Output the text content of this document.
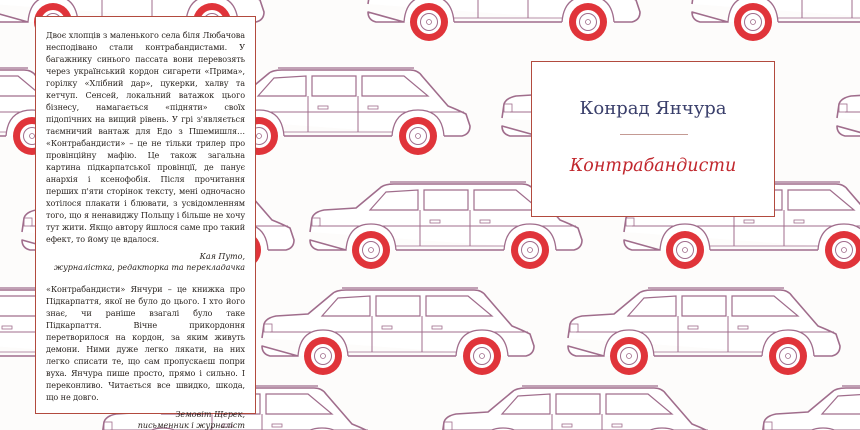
Двоє хлопців з маленького села біля Любачова несподівано стали контрабандистами. У багажнику синього пассата вони перевозять через український кордон сигарети «Прима», горілку «Хлібний дар», цукерки, халву та кетчуп. Сенсей, локальний ватажок цього бізнесу, намагається «підняти» своїх підопічних на вищий рівень. У грі з'являється таємничий вантаж для Едо з Пшемишля… «Контрабандисти» – це не тільки трилер про провінційну мафію. Це також загальна картина підкарпатської провінції, де панує анархія і ксенофобія. Після прочитання перших п'яти сторінок тексту, мені одночасно хотілося плакати і блювати, з усвідомленням того, що я ненавиджу Польщу і більше не хочу тут жити. Якщо автору йшлося саме про такий ефект, то йому це вдалося.

Кая Путо,
журналістка, редакторка та перекладачка

«Контрабандисти» Янчури – це книжка про Підкарпаття, якої не було до цього. І хто його знає, чи раніше взагалі було таке Підкарпаття. Вічне прикордоння перетворилося на кордон, за яким живуть демони. Ними дуже легко лякати, на них легко списати те, що сам пропускаєш попри вуха. Янчура пише просто, прямо і сильно. І переконливо. Читається все швидко, шкода, що не довго.

Земовіт Щерек,
письменник і журналіст
Конрад Янчура
Контрабандисти
